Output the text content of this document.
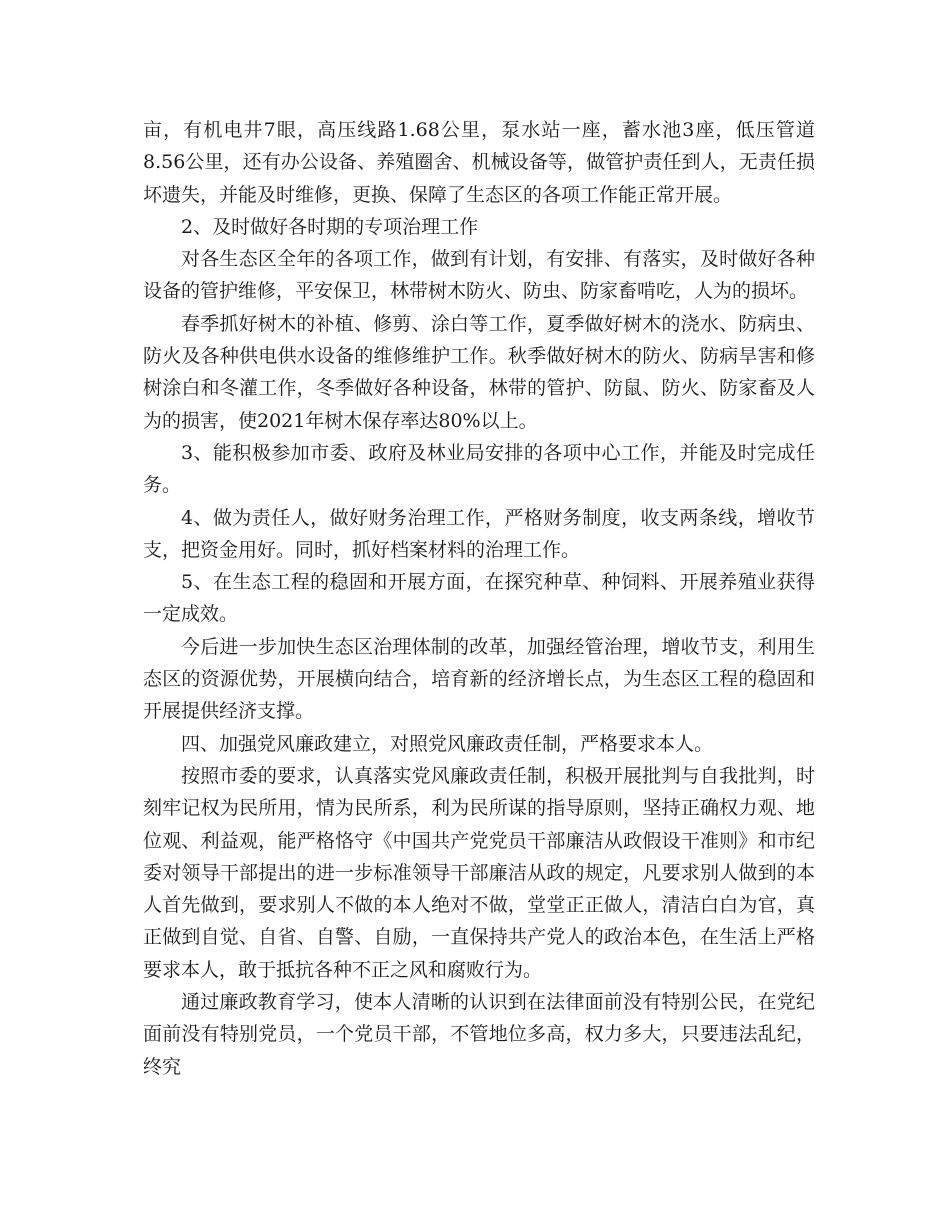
亩，有机电井7眼，高压线路1.68公里，泵水站一座，蓄水池3座，低压管道8.56公里，还有办公设备、养殖圈舍、机械设备等，做管护责任到人，无责任损坏遗失，并能及时维修，更换、保障了生态区的各项工作能正常开展。

2、及时做好各时期的专项治理工作

对各生态区全年的各项工作，做到有计划，有安排、有落实，及时做好各种设备的管护维修，平安保卫，林带树木防火、防虫、防家畜啃吃，人为的损坏。

春季抓好树木的补植、修剪、涂白等工作，夏季做好树木的浇水、防病虫、防火及各种供电供水设备的维修维护工作。秋季做好树木的防火、防病旱害和修树涂白和冬灌工作，冬季做好各种设备，林带的管护、防鼠、防火、防家畜及人为的损害，使2021年树木保存率达80%以上。

3、能积极参加市委、政府及林业局安排的各项中心工作，并能及时完成任务。

4、做为责任人，做好财务治理工作，严格财务制度，收支两条线，增收节支，把资金用好。同时，抓好档案材料的治理工作。

5、在生态工程的稳固和开展方面，在探究种草、种饲料、开展养殖业获得一定成效。

今后进一步加快生态区治理体制的改革，加强经管治理，增收节支，利用生态区的资源优势，开展横向结合，培育新的经济增长点，为生态区工程的稳固和开展提供经济支撑。

四、加强党风廉政建立，对照党风廉政责任制，严格要求本人。

按照市委的要求，认真落实党风廉政责任制，积极开展批判与自我批判，时刻牢记权为民所用，情为民所系，利为民所谋的指导原则，坚持正确权力观、地位观、利益观，能严格恪守《中国共产党党员干部廉洁从政假设干准则》和市纪委对领导干部提出的进一步标准领导干部廉洁从政的规定，凡要求别人做到的本人首先做到，要求别人不做的本人绝对不做，堂堂正正做人，清洁白白为官，真正做到自觉、自省、自警、自励，一直保持共产党人的政治本色，在生活上严格要求本人，敢于抵抗各种不正之风和腐败行为。

通过廉政教育学习，使本人清晰的认识到在法律面前没有特别公民，在党纪面前没有特别党员，一个党员干部，不管地位多高，权力多大，只要违法乱纪，终究
